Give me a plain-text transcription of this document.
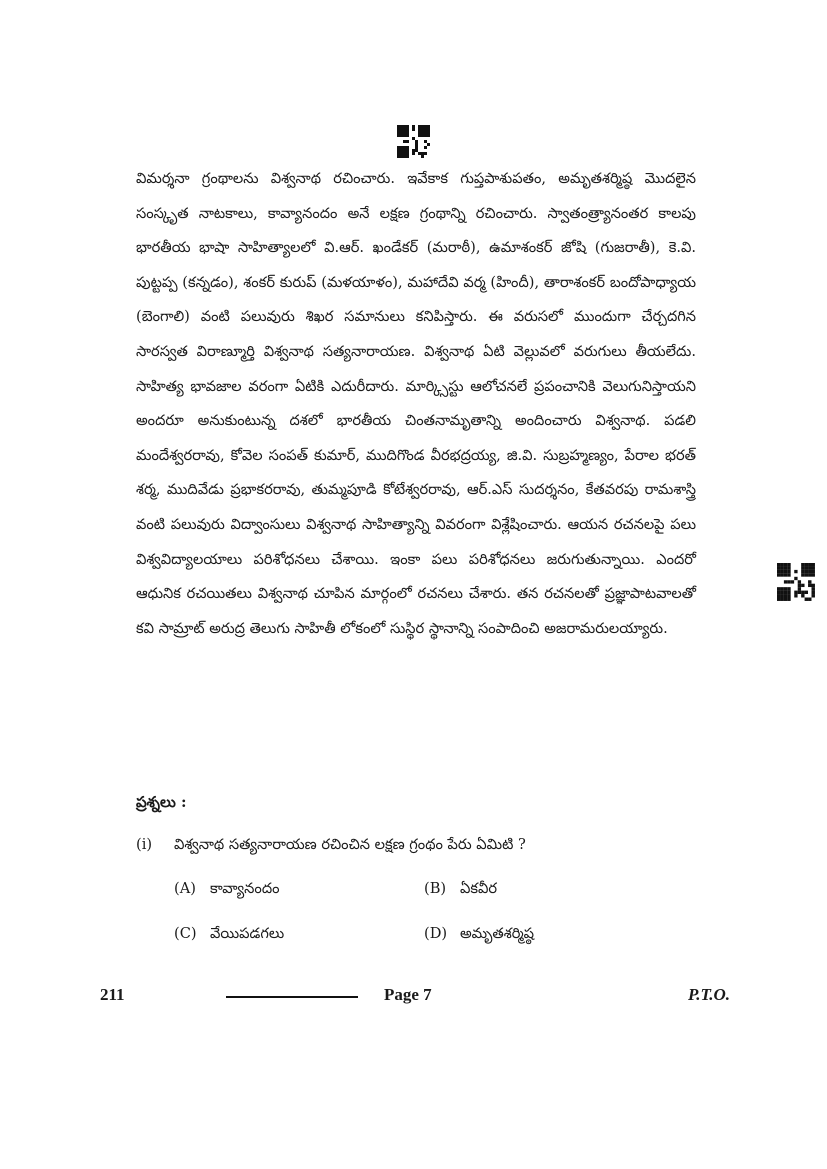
విమర్శనా గ్రంథాలను విశ్వనాథ రచించారు. ఇవేకాక గుప్తపాశుపతం, అమృతశర్మిష్ఠ మొదలైన సంస్కృత నాటకాలు, కావ్యానందం అనే లక్షణ గ్రంథాన్ని రచించారు. స్వాతంత్ర్యానంతర కాలపు భారతీయ భాషా సాహిత్యాలలో వి.ఆర్. ఖండేకర్ (మరాఠీ), ఉమాశంకర్ జోషి (గుజరాతీ), కె.వి. పుట్టప్ప (కన్నడం), శంకర్ కురుప్ (మళయాళం), మహాదేవి వర్మ (హిందీ), తారాశంకర్ బందోపాధ్యాయ (బెంగాలి) వంటి పలువురు శిఖర సమానులు కనిపిస్తారు. ఈ వరుసలో ముందుగా చేర్చదగిన సారస్వత విరాణ్మూర్తి విశ్వనాథ సత్యనారాయణ. విశ్వనాథ ఏటి వెల్లువలో వరుగులు తీయలేదు. సాహిత్య భావజాల వరంగా ఏటికి ఎదురీదారు. మార్క్సిస్టు ఆలోచనలే ప్రపంచానికి వెలుగునిస్తాయని అందరూ అనుకుంటున్న దశలో భారతీయ చింతనామృతాన్ని అందించారు విశ్వనాథ. పడలి మందేశ్వరరావు, కోవెల సంపత్ కుమార్, ముదిగొండ వీరభద్రయ్య, జి.వి. సుబ్రహ్మణ్యం, పేరాల భరత్ శర్మ, ముదివేడు ప్రభాకరరావు, తుమ్మపూడి కోటేశ్వరరావు, ఆర్.ఎస్ సుదర్శనం, కేతవరపు రామశాస్త్రి వంటి పలువురు విద్వాంసులు విశ్వనాథ సాహిత్యాన్ని వివరంగా విశ్లేషించారు. ఆయన రచనలపై పలు విశ్వవిద్యాలయాలు పరిశోధనలు చేశాయి. ఇంకా పలు పరిశోధనలు జరుగుతున్నాయి. ఎందరో ఆధునిక రచయితలు విశ్వనాథ చూపిన మార్గంలో రచనలు చేశారు. తన రచనలతో ప్రజ్ఞాపాటవాలతో కవి సామ్రాట్ అరుద్ర తెలుగు సాహితీ లోకంలో సుస్థిర స్థానాన్ని సంపాదించి అజరామరులయ్యారు.
ప్రశ్నలు :
(i)	విశ్వనాథ సత్యనారాయణ రచించిన లక్షణ గ్రంథం పేరు ఏమిటి ?
(A) కావ్యానందం	(B) ఏకవీర
(C) వేయిపడగలు	(D) అమృతశర్మిష్ఠ
211	Page 7	P.T.O.
